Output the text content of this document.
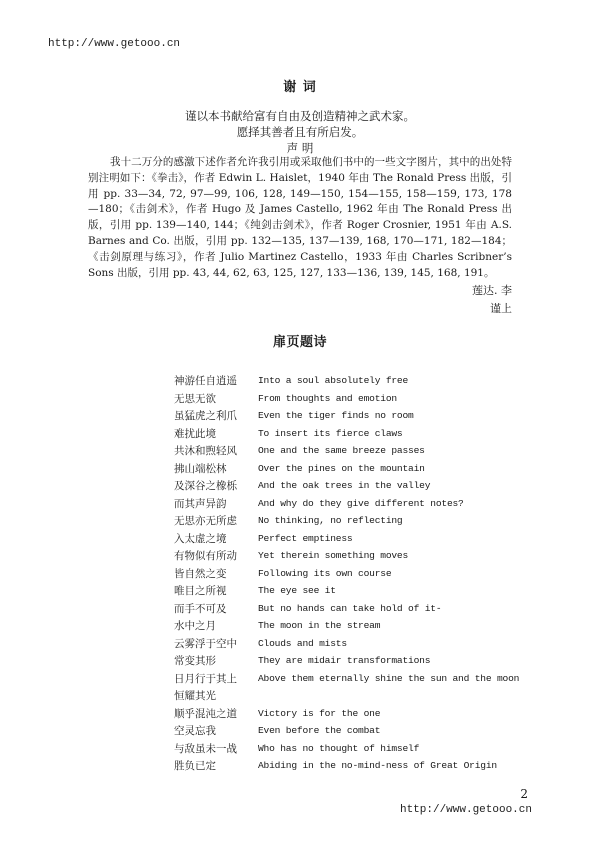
http://www.getooo.cn
谢 词
谨以本书献给富有自由及创造精神之武术家。
愿择其善者且有所启发。
声 明

我十二万分的感激下述作者允许我引用或采取他们书中的一些文字图片，其中的出处特别注明如下：《拳击》，作者 Edwin L. Haislet，1940 年由 The Ronald Press 出版，引用 pp. 33—34, 72, 97—99, 106, 128, 149—150, 154—155, 158—159, 173, 178—180；《击剑术》，作者 Hugo 及 James Castello, 1962 年由 The Ronald Press 出版，引用 pp. 139—140, 144；《纯剑击剑术》，作者 Roger Crosnier, 1951 年由 A.S. Barnes and Co. 出版，引用 pp. 132—135, 137—139, 168, 170—171, 182—184；《击剑原理与练习》，作者 Julio Martinez Castello，1933 年由 Charles Scribner’s Sons 出版，引用 pp. 43, 44, 62, 63, 125, 127, 133—136, 139, 145, 168, 191。

莲达. 李
谨上
扉页题诗
神游任自逍遥	Into a soul absolutely free
无思无欲	From thoughts and emotion
虽猛虎之利爪	Even the tiger finds no room
难扰此境	To insert its fierce claws
共沐和煦轻风	One and the same breeze passes
拂山端松林	Over the pines on the mountain
及深谷之橡栎	And the oak trees in the valley
而其声异韵	And why do they give different notes?
无思亦无所虑	No thinking, no reflecting
入太虚之境	Perfect emptiness
有物似有所动	Yet therein something moves
皆自然之变	Following its own course
唯目之所视	The eye see it
而手不可及	But no hands can take hold of it-
水中之月	The moon in the stream
云雾浮于空中	Clouds and mists
常变其形	They are midair transformations
日月行于其上	Above them eternally shine the sun and the moon
恒耀其光
顺乎混沌之道	Victory is for the one
空灵忘我	Even before the combat
与敌虽未一战	Who has no thought of himself
胜负已定	Abiding in the no-mind-ness of Great Origin
2
http://www.getooo.cn
